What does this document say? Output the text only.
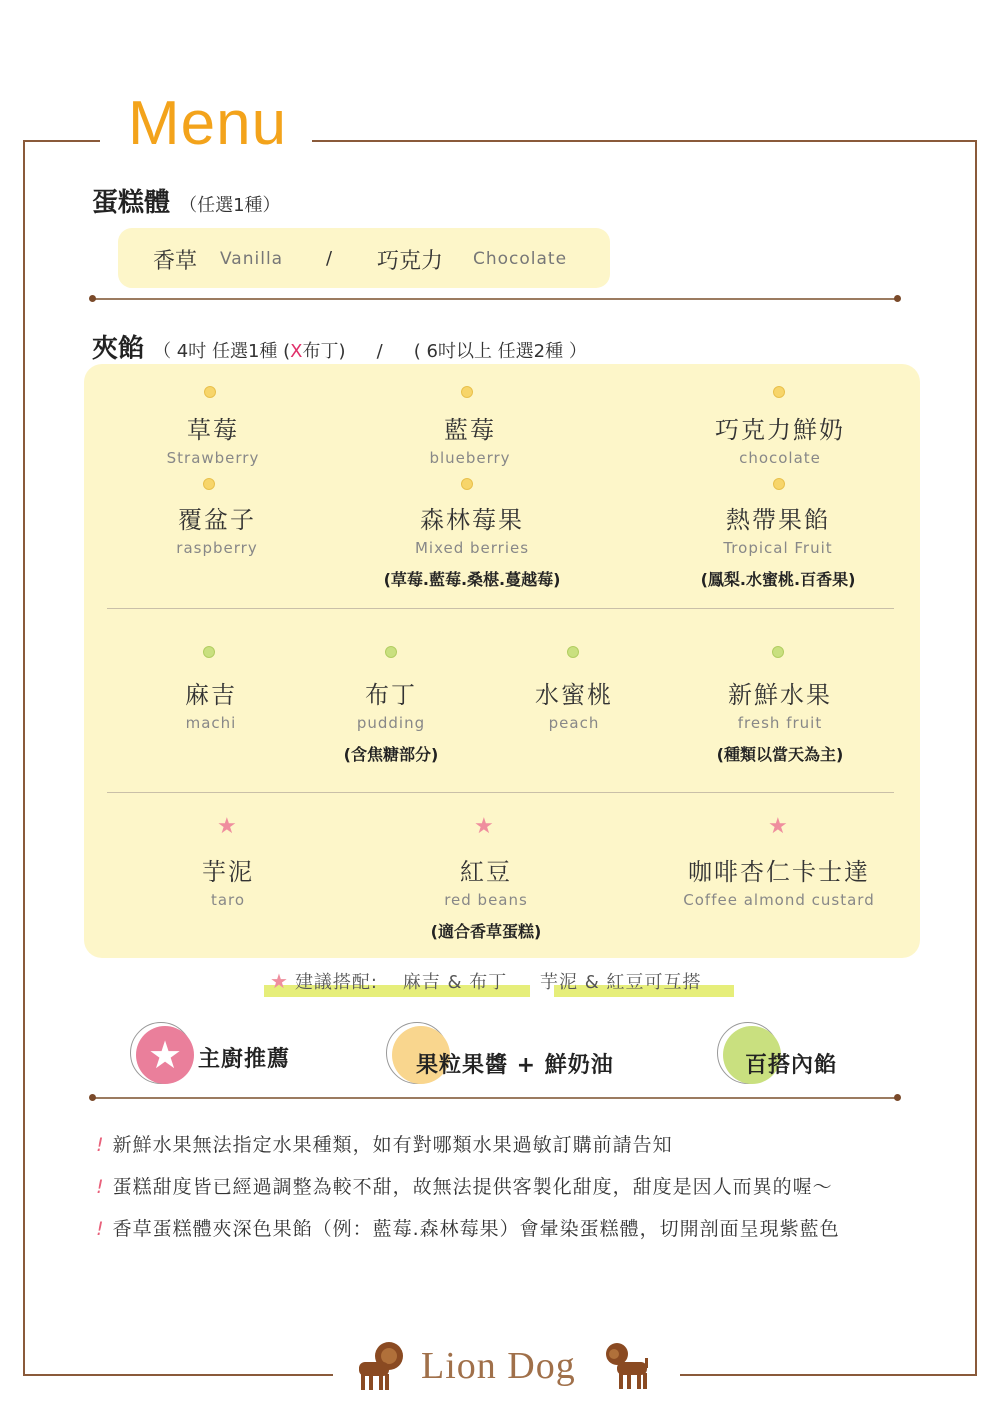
Menu
蛋糕體 （任選1種）
香草 Vanilla / 巧克力 Chocolate
夾餡 （ 4吋 任選1種 (X布丁) / ( 6吋以上 任選2種 ）
草莓
Strawberry
藍莓
blueberry
巧克力鮮奶
chocolate
覆盆子
raspberry
森林莓果
Mixed berries
(草莓.藍莓.桑椹.蔓越莓)
熱帶果餡
Tropical Fruit
(鳳梨.水蜜桃.百香果)
麻吉
machi
布丁
pudding
(含焦糖部分)
水蜜桃
peach
新鮮水果
fresh fruit
(種類以當天為主)
★
芋泥
taro
★
紅豆
red beans
(適合香草蛋糕)
★
咖啡杏仁卡士達
Coffee almond custard
★ 建議搭配: 麻吉 & 布丁 芋泥 & 紅豆可互搭
★ 主廚推薦	果粒果醬 + 鮮奶油	百搭內餡
! 新鮮水果無法指定水果種類，如有對哪類水果過敏訂購前請告知
! 蛋糕甜度皆已經過調整為較不甜，故無法提供客製化甜度，甜度是因人而異的喔～
! 香草蛋糕體夾深色果餡（例：藍莓.森林莓果）會暈染蛋糕體，切開剖面呈現紫藍色
Lion Dog
